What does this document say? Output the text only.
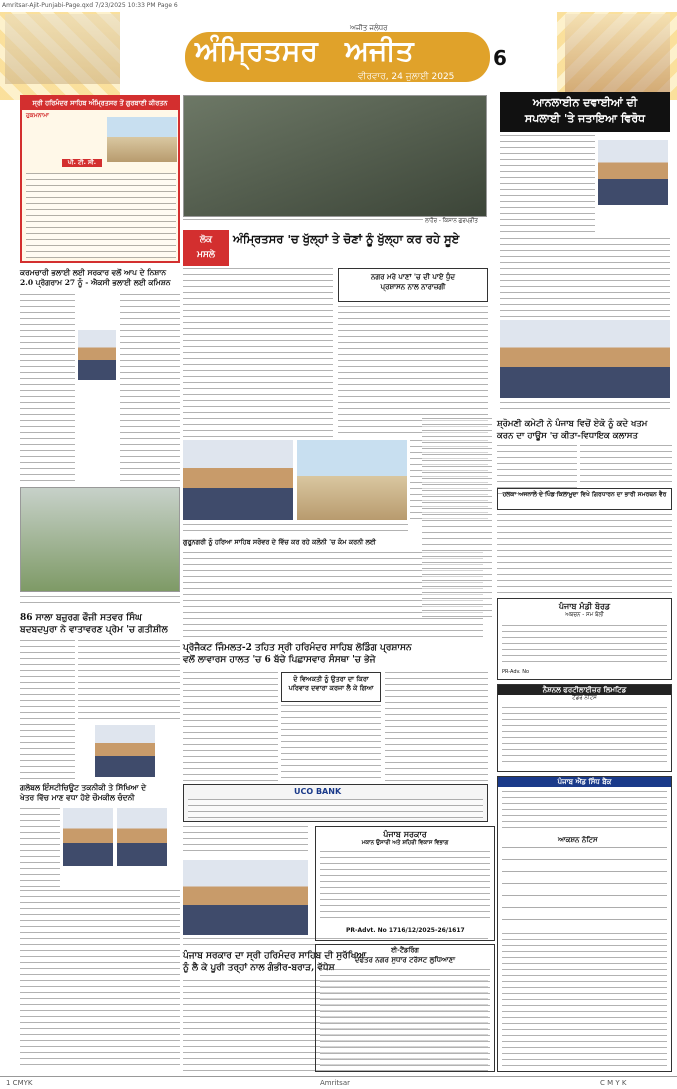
Amritsar-Ajit-Punjabi-Page.qxd 7/23/2025 10:33 PM Page 6
ਅਜੀਤ ਜਲੰਧਰ
ਅੰਮ੍ਰਿਤਸਰ ਅਜੀਤ
ਵੀਰਵਾਰ, 24 ਜੁਲਾਈ 2025
6
ਸ੍ਰੀ ਹਰਿਮੰਦਰ ਸਾਹਿਬ ਅੰਮ੍ਰਿਤਸਰ ਤੋਂ ਗੁਰਬਾਣੀ ਕੀਰਤਨ
ਹੁਕਮਨਾਮਾ
ਪੀ. ਟੀ. ਸੀ.
ਲਾਹੌਰ - ਕਿਸਾਨ ਗੁਰਪ੍ਰੀਤ
ਆਨਲਾਈਨ ਦਵਾਈਆਂ ਦੀ
ਸਪਲਾਈ 'ਤੇ ਜਤਾਇਆ ਵਿਰੋਧ
ਲੋਕ
ਮਸਲੇ
ਅੰਮ੍ਰਿਤਸਰ 'ਚ ਖੁੱਲ੍ਹਾਂ ਤੇ ਚੋਣਾਂ ਨੂੰ ਖੁੱਲ੍ਹਾ ਕਰ ਰਹੇ ਸੂਏ
ਕਰਮਚਾਰੀ ਭਲਾਈ ਲਈ ਸਰਕਾਰ ਵਲੋਂ ਆਪ ਦੇ ਨਿਸ਼ਾਨ
2.0 ਪ੍ਰੋਗਰਾਮ 27 ਨੂੰ - ਐਕਸੀ ਭਲਾਈ ਲਈ ਕਮਿਸ਼ਨ
86 ਸਾਲਾ ਬਜ਼ੁਰਗ ਫੌਜੀ ਸਤਵਰ ਸਿੰਘ
ਬਦਬਦਪੁਰਾ ਨੇ ਵਾਤਾਵਰਣ ਪ੍ਰੇਮ 'ਚ ਗਤੀਸ਼ੀਲ
ਗਲੋਬਲ ਇੰਸਟੀਚਿਊਟ ਤਕਨੀਕੀ ਤੇ ਸਿੱਖਿਆ ਦੇ
ਖੇਤਰ ਵਿੱਚ ਮਾਣ ਵਧਾ ਹੋਏ ਚੌਮਕੀਲ ਚੰਦਨੀ
ਨਗਰ ਮਰੇ ਪਾਣਾਂ 'ਚ ਦੀ ਪਾਏ ਧੁੰਦ
ਪ੍ਰਸ਼ਾਸਨ ਨਾਲ ਨਾਰਾਜ਼ਗੀ
ਗੁਰੂਨਗਰੀ ਨੂੰ ਹਰਿਆ ਸਾਹਿਬ ਸਰੋਵਰ ਦੇ ਵਿੱਚ ਕਰ ਰਹੇ ਕਲੋਨੀ 'ਚ ਕੰਮ ਕਰਨੀ ਲਈ
ਪ੍ਰੋਜੈਕਟ ਜਿੰਮਲਤ-2 ਤਹਿਤ ਸ੍ਰੀ ਹਰਿਮੰਦਰ ਸਾਹਿਬ ਲੋਡਿੰਗ ਪ੍ਰਸ਼ਾਸਨ
ਵਲੋਂ ਲਾਵਾਰਸ ਹਾਲਤ 'ਚ 6 ਬੱਚੇ ਪਿਛਾਸਵਾਰ ਸੰਸਥਾ 'ਚ ਭੇਜੇ
ਦੋ ਵਿਅਕਤੀ ਨੂੰ ਉਤਰਾ ਦਾ ਕਿਰਾ
ਪਰਿਵਾਰ ਦਵਾਰਾ ਕਰਜਾ ਲੈ ਕੇ ਗਿਆ
UCO BANK
ਪੰਜਾਬ ਸਰਕਾਰ ਦਾ ਸ੍ਰੀ ਹਰਿਮੰਦਰ ਸਾਹਿਬ ਦੀ ਸੁਰੱਖਿਆ
ਨੂੰ ਲੈ ਕੇ ਪੂਰੀ ਤਰ੍ਹਾਂ ਨਾਲ ਗੰਭੀਰ-ਬਰਾੜ, ਵੱਧੇਸ਼
ਸ਼੍ਰੋਮਣੀ ਕਮੇਟੀ ਨੇ ਪੰਜਾਬ ਵਿਚੋਂ ਏਕੋ ਨੂੰ ਕਦੇ ਖਤਮ
ਕਰਨ ਦਾ ਹਾਊਸ 'ਚ ਕੀਤਾ-ਵਿਧਾਇਕ ਕਲਾਸਤ
ਹਲਕਾ ਅਜਨਾਲੇ ਦੇ ਪਿੰਡ ਕਿਲਾਮੂਦਾ ਵਿਖੇ ਗਿਰਧਾਰਨ ਦਾ ਭਾਰੀ ਸਮਰਥਨ ਵੈਰ
ਪੰਜਾਬ ਮੰਡੀ ਬੋਰਡ
ਅਬਚਨ - ਸਮ ਬੋਲੀ
PR-Adv. No
ਨੈਸ਼ਨਲ ਫਰਟੀਲਾਈਜ਼ਰ ਲਿਮਟਿਡ
ਟੈਂਡਰ ਨੋਟਿਸ
ਪੰਜਾਬ ਸਰਕਾਰ
ਮਕਾਨ ਉਸਾਰੀ ਅਤੇ ਸ਼ਹਿਰੀ ਵਿਕਾਸ ਵਿਭਾਗ
PR-Advt. No 1716/12/2025-26/1617
ਈ-ਟੈਂਡਰਿੰਗ
ਦਫਤਰ ਨਗਰ ਸੁਧਾਰ ਟਰੱਸਟ ਲੁਧਿਆਣਾ
ਪੰਜਾਬ ਐਂਡ ਸਿੰਧ ਬੈਂਕ
ਆਕਸ਼ਨ ਨੋਟਿਸ
1 CMYK	Amritsar	C M Y K
